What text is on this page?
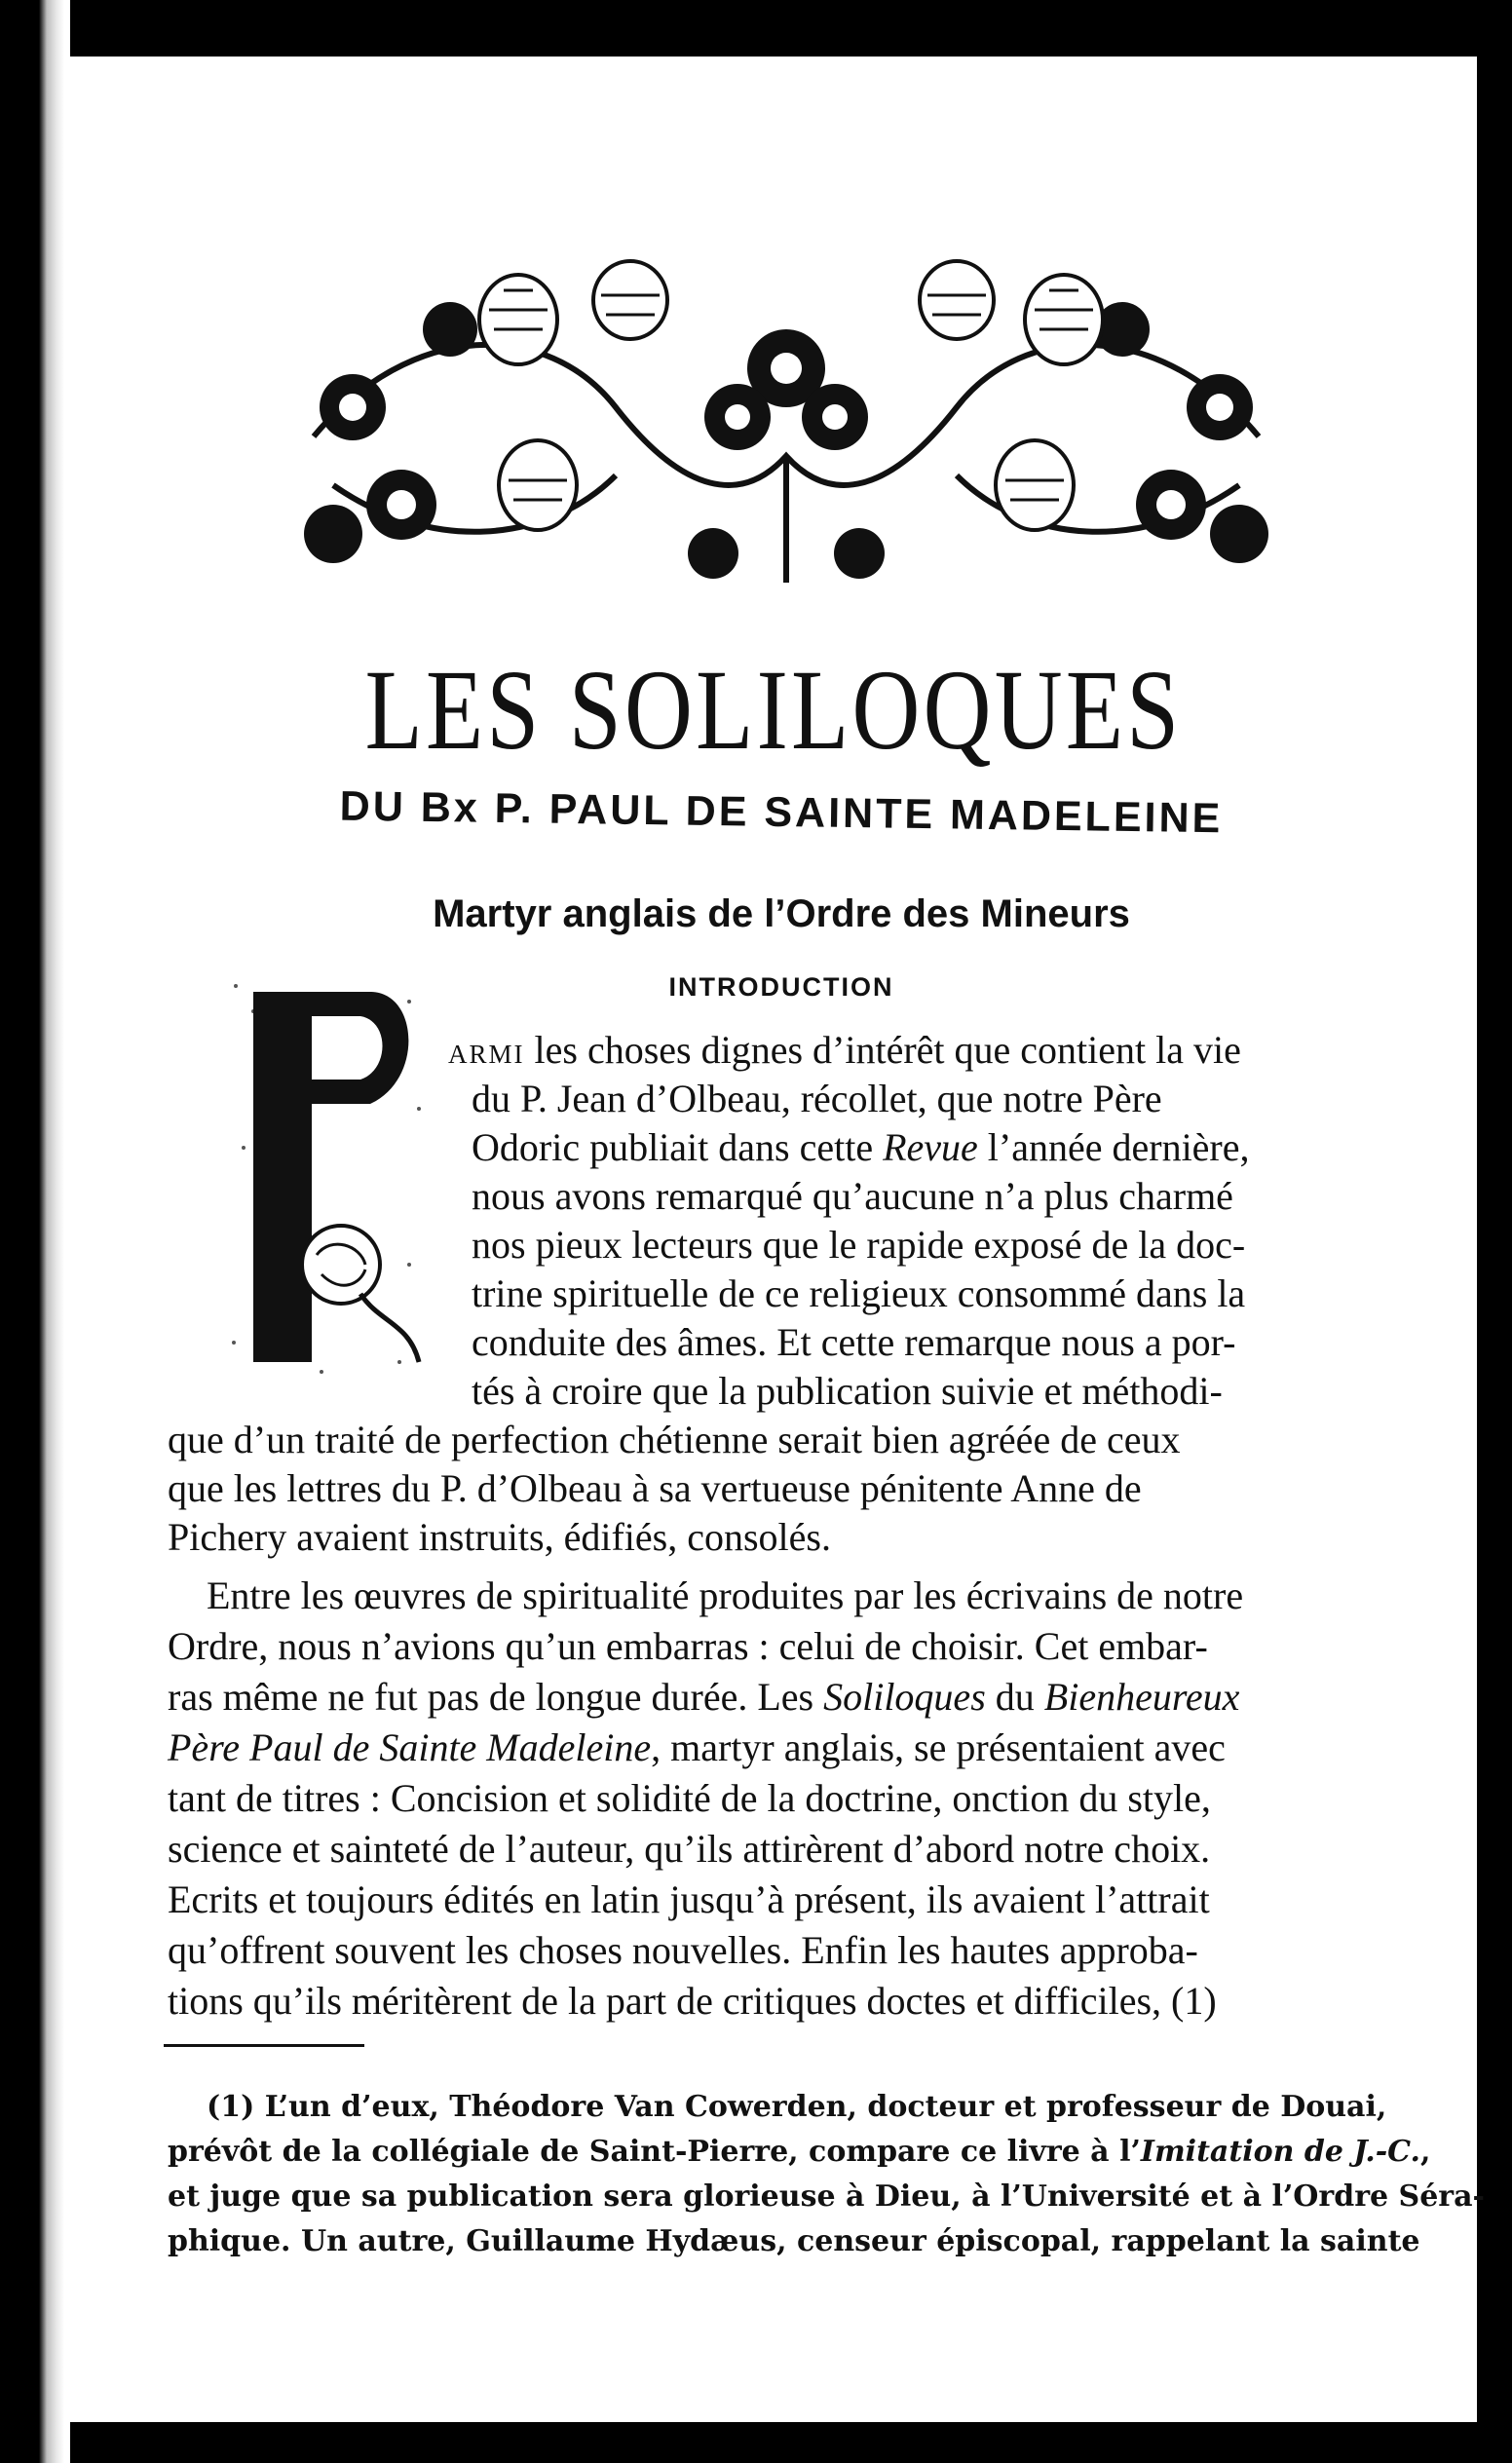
LES SOLILOQUES
DU Bx P. PAUL DE SAINTE MADELEINE
Martyr anglais de l’Ordre des Mineurs
INTRODUCTION
P
ARMI les choses dignes d’intérêt que contient la vie
du P. Jean d’Olbeau, récollet, que notre Père
Odoric publiait dans cette Revue l’année dernière,
nous avons remarqué qu’aucune n’a plus charmé
nos pieux lecteurs que le rapide exposé de la doc-
trine spirituelle de ce religieux consommé dans la
conduite des âmes. Et cette remarque nous a por-
tés à croire que la publication suivie et méthodi-
que d’un traité de perfection chétienne serait bien agréée de ceux
que les lettres du P. d’Olbeau à sa vertueuse pénitente Anne de
Pichery avaient instruits, édifiés, consolés.
Entre les œuvres de spiritualité produites par les écrivains de notre
Ordre, nous n’avions qu’un embarras : celui de choisir. Cet embar-
ras même ne fut pas de longue durée. Les Soliloques du Bienheureux
Père Paul de Sainte Madeleine, martyr anglais, se présentaient avec
tant de titres : Concision et solidité de la doctrine, onction du style,
science et sainteté de l’auteur, qu’ils attirèrent d’abord notre choix.
Ecrits et toujours édités en latin jusqu’à présent, ils avaient l’attrait
qu’offrent souvent les choses nouvelles. Enfin les hautes approba-
tions qu’ils méritèrent de la part de critiques doctes et difficiles, (1)
(1) L’un d’eux, Théodore Van Cowerden, docteur et professeur de Douai,
prévôt de la collégiale de Saint-Pierre, compare ce livre à l’Imitation de J.-C.,
et juge que sa publication sera glorieuse à Dieu, à l’Université et à l’Ordre Séra-
phique. Un autre, Guillaume Hydæus, censeur épiscopal, rappelant la sainte
